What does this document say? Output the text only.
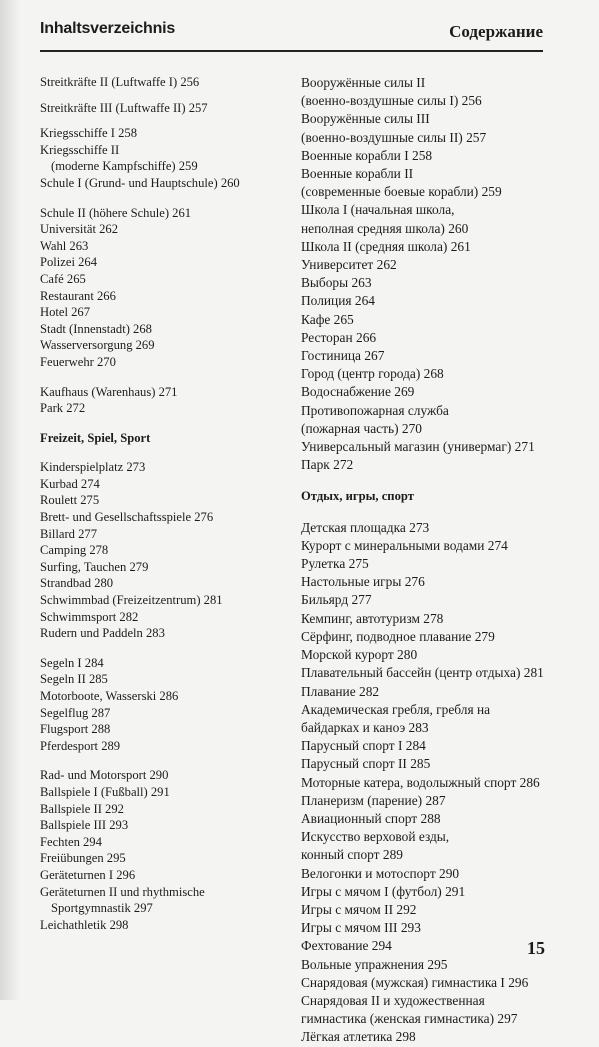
Inhaltsverzeichnis	Содержание
Streitkräfte II (Luftwaffe I) 256
Streitkräfte III (Luftwaffe II) 257
Kriegsschiffe I 258
Kriegsschiffe II
(moderne Kampfschiffe) 259
Schule I (Grund- und Hauptschule) 260
Schule II (höhere Schule) 261
Universität 262
Wahl 263
Polizei 264
Café 265
Restaurant 266
Hotel 267
Stadt (Innenstadt) 268
Wasserversorgung 269
Feuerwehr 270
Kaufhaus (Warenhaus) 271
Park 272
Freizeit, Spiel, Sport
Kinderspielplatz 273
Kurbad 274
Roulett 275
Brett- und Gesellschaftsspiele 276
Billard 277
Camping 278
Surfing, Tauchen 279
Strandbad 280
Schwimmbad (Freizeitzentrum) 281
Schwimmsport 282
Rudern und Paddeln 283
Segeln I 284
Segeln II 285
Motorboote, Wasserski 286
Segelflug 287
Flugsport 288
Pferdesport 289
Rad- und Motorsport 290
Ballspiele I (Fußball) 291
Ballspiele II 292
Ballspiele III 293
Fechten 294
Freiübungen 295
Geräteturnen I 296
Geräteturnen II und rhythmische
Sportgymnastik 297
Leichathletik 298
Вооружённые силы II
(военно-воздушные силы I) 256
Вооружённые силы III
(военно-воздушные силы II) 257
Военные корабли I 258
Военные корабли II
(современные боевые корабли) 259
Школа I (начальная школа,
неполная средняя школа) 260
Школа II (средняя школа) 261
Университет 262
Выборы 263
Полиция 264
Кафе 265
Ресторан 266
Гостиница 267
Город (центр города) 268
Водоснабжение 269
Противопожарная служба
(пожарная часть) 270
Универсальный магазин (универмаг) 271
Парк 272
Отдых, игры, спорт
Детская площадка 273
Курорт с минеральными водами 274
Рулетка 275
Настольные игры 276
Бильярд 277
Кемпинг, автотуризм 278
Сёрфинг, подводное плавание 279
Морской курорт 280
Плавательный бассейн (центр отдыха) 281
Плавание 282
Академическая гребля, гребля на
байдарках и каноэ 283
Парусный спорт I 284
Парусный спорт II 285
Моторные катера, водолыжный спорт 286
Планеризм (парение) 287
Авиационный спорт 288
Искусство верховой езды,
конный спорт 289
Велогонки и мотоспорт 290
Игры с мячом I (футбол) 291
Игры с мячом II 292
Игры с мячом III 293
Фехтование 294
Вольные упражнения 295
Снарядовая (мужская) гимнастика I 296
Снарядовая II и художественная
гимнастика (женская гимнастика) 297
Лёгкая атлетика 298
15
